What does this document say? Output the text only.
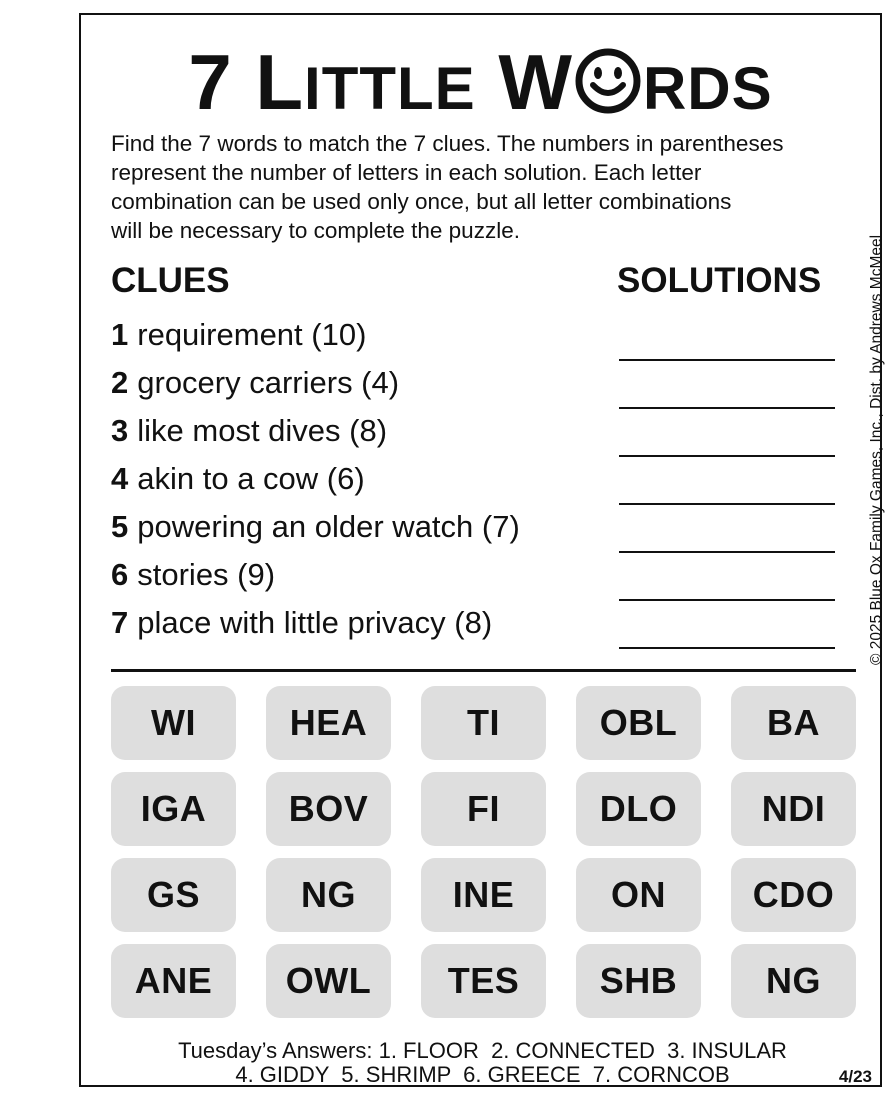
7 LITTLE W RDS
Find the 7 words to match the 7 clues. The numbers in parentheses
represent the number of letters in each solution. Each letter
combination can be used only once, but all letter combinations
will be necessary to complete the puzzle.
© 2025 Blue Ox Family Games, Inc., Dist. by Andrews McMeel
CLUES	SOLUTIONS
1 requirement (10)
2 grocery carriers (4)
3 like most dives (8)
4 akin to a cow (6)
5 powering an older watch (7)
6 stories (9)
7 place with little privacy (8)
WI	HEA	TI	OBL	BA
IGA	BOV	FI	DLO	NDI
GS	NG	INE	ON	CDO
ANE	OWL	TES	SHB	NG
Tuesday’s Answers: 1. FLOOR  2. CONNECTED  3. INSULAR
4. GIDDY  5. SHRIMP  6. GREECE  7. CORNCOB	4/23
